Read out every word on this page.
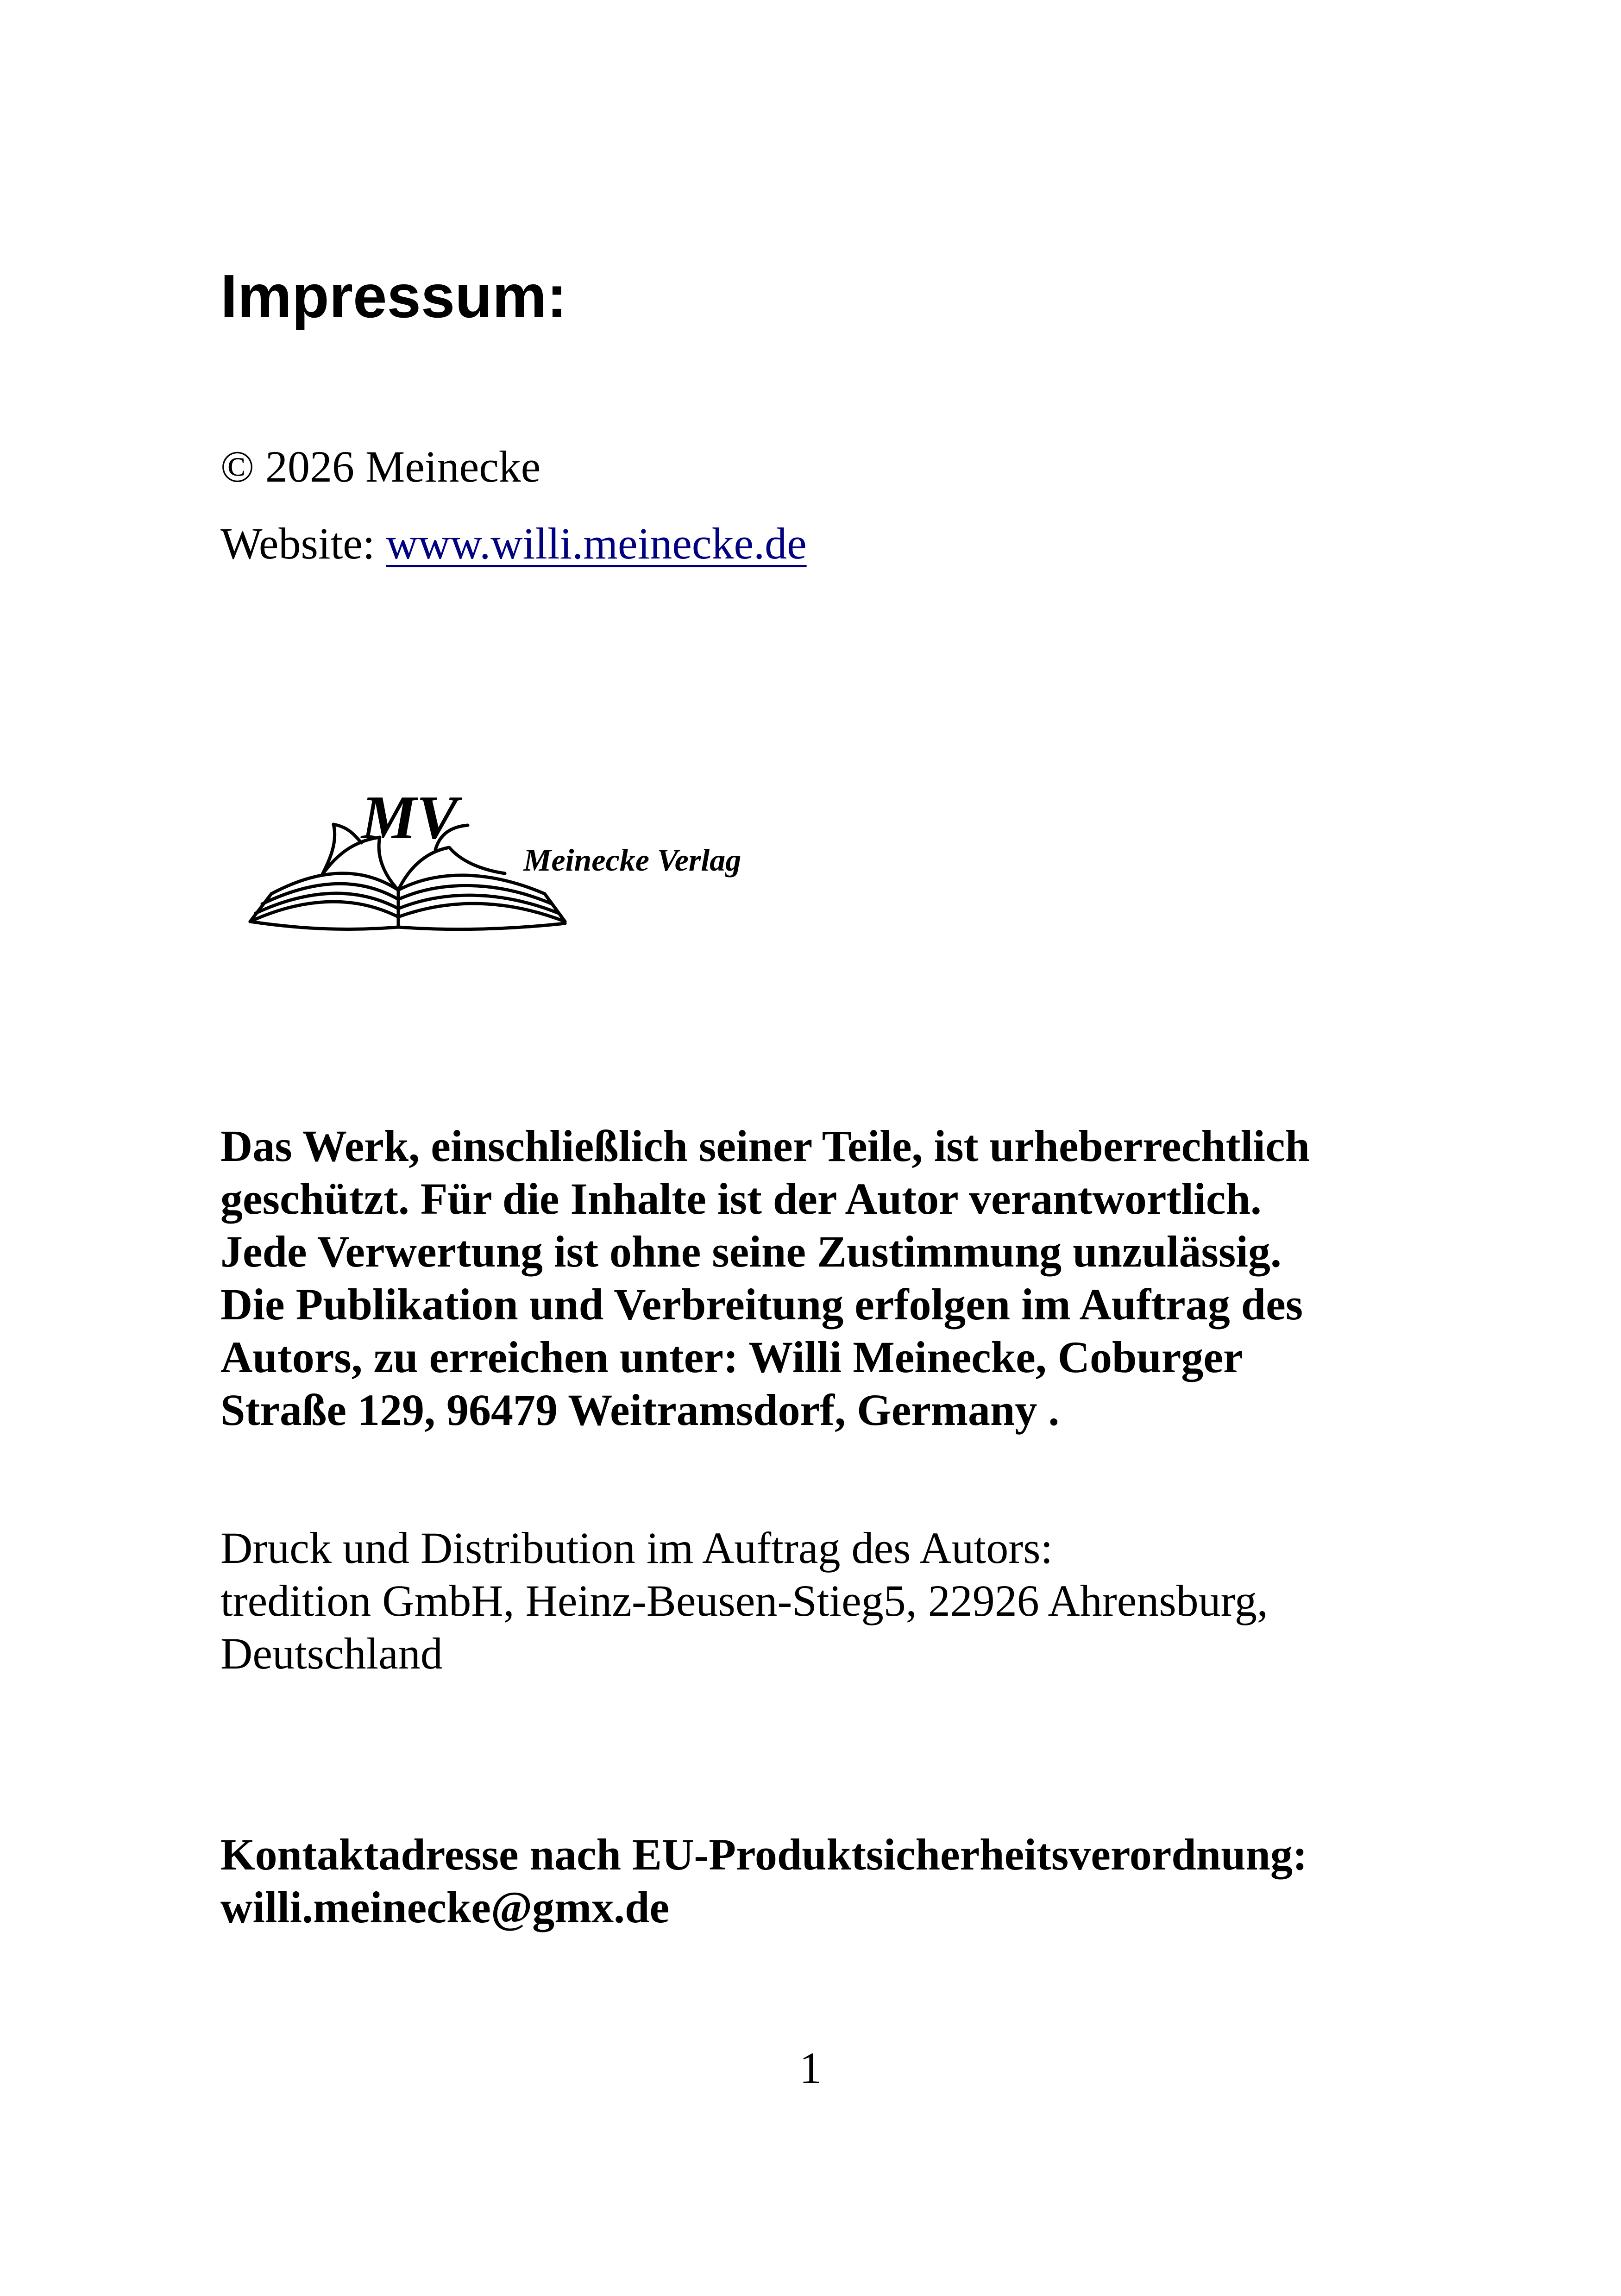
Impressum:

© 2026 Meinecke

Website: www.willi.meinecke.de

MV
Meinecke Verlag
Das Werk, einschließlich seiner Teile, ist urheberrechtlich
geschützt. Für die Inhalte ist der Autor verantwortlich.
Jede Verwertung ist ohne seine Zustimmung unzulässig.
Die Publikation und Verbreitung erfolgen im Auftrag des
Autors, zu erreichen unter: Willi Meinecke, Coburger
Straße 129, 96479 Weitramsdorf, Germany .
Druck und Distribution im Auftrag des Autors:
tredition GmbH, Heinz-Beusen-Stieg5, 22926 Ahrensburg,
Deutschland
Kontaktadresse nach EU-Produktsicherheitsverordnung:
willi.meinecke@gmx.de

1
